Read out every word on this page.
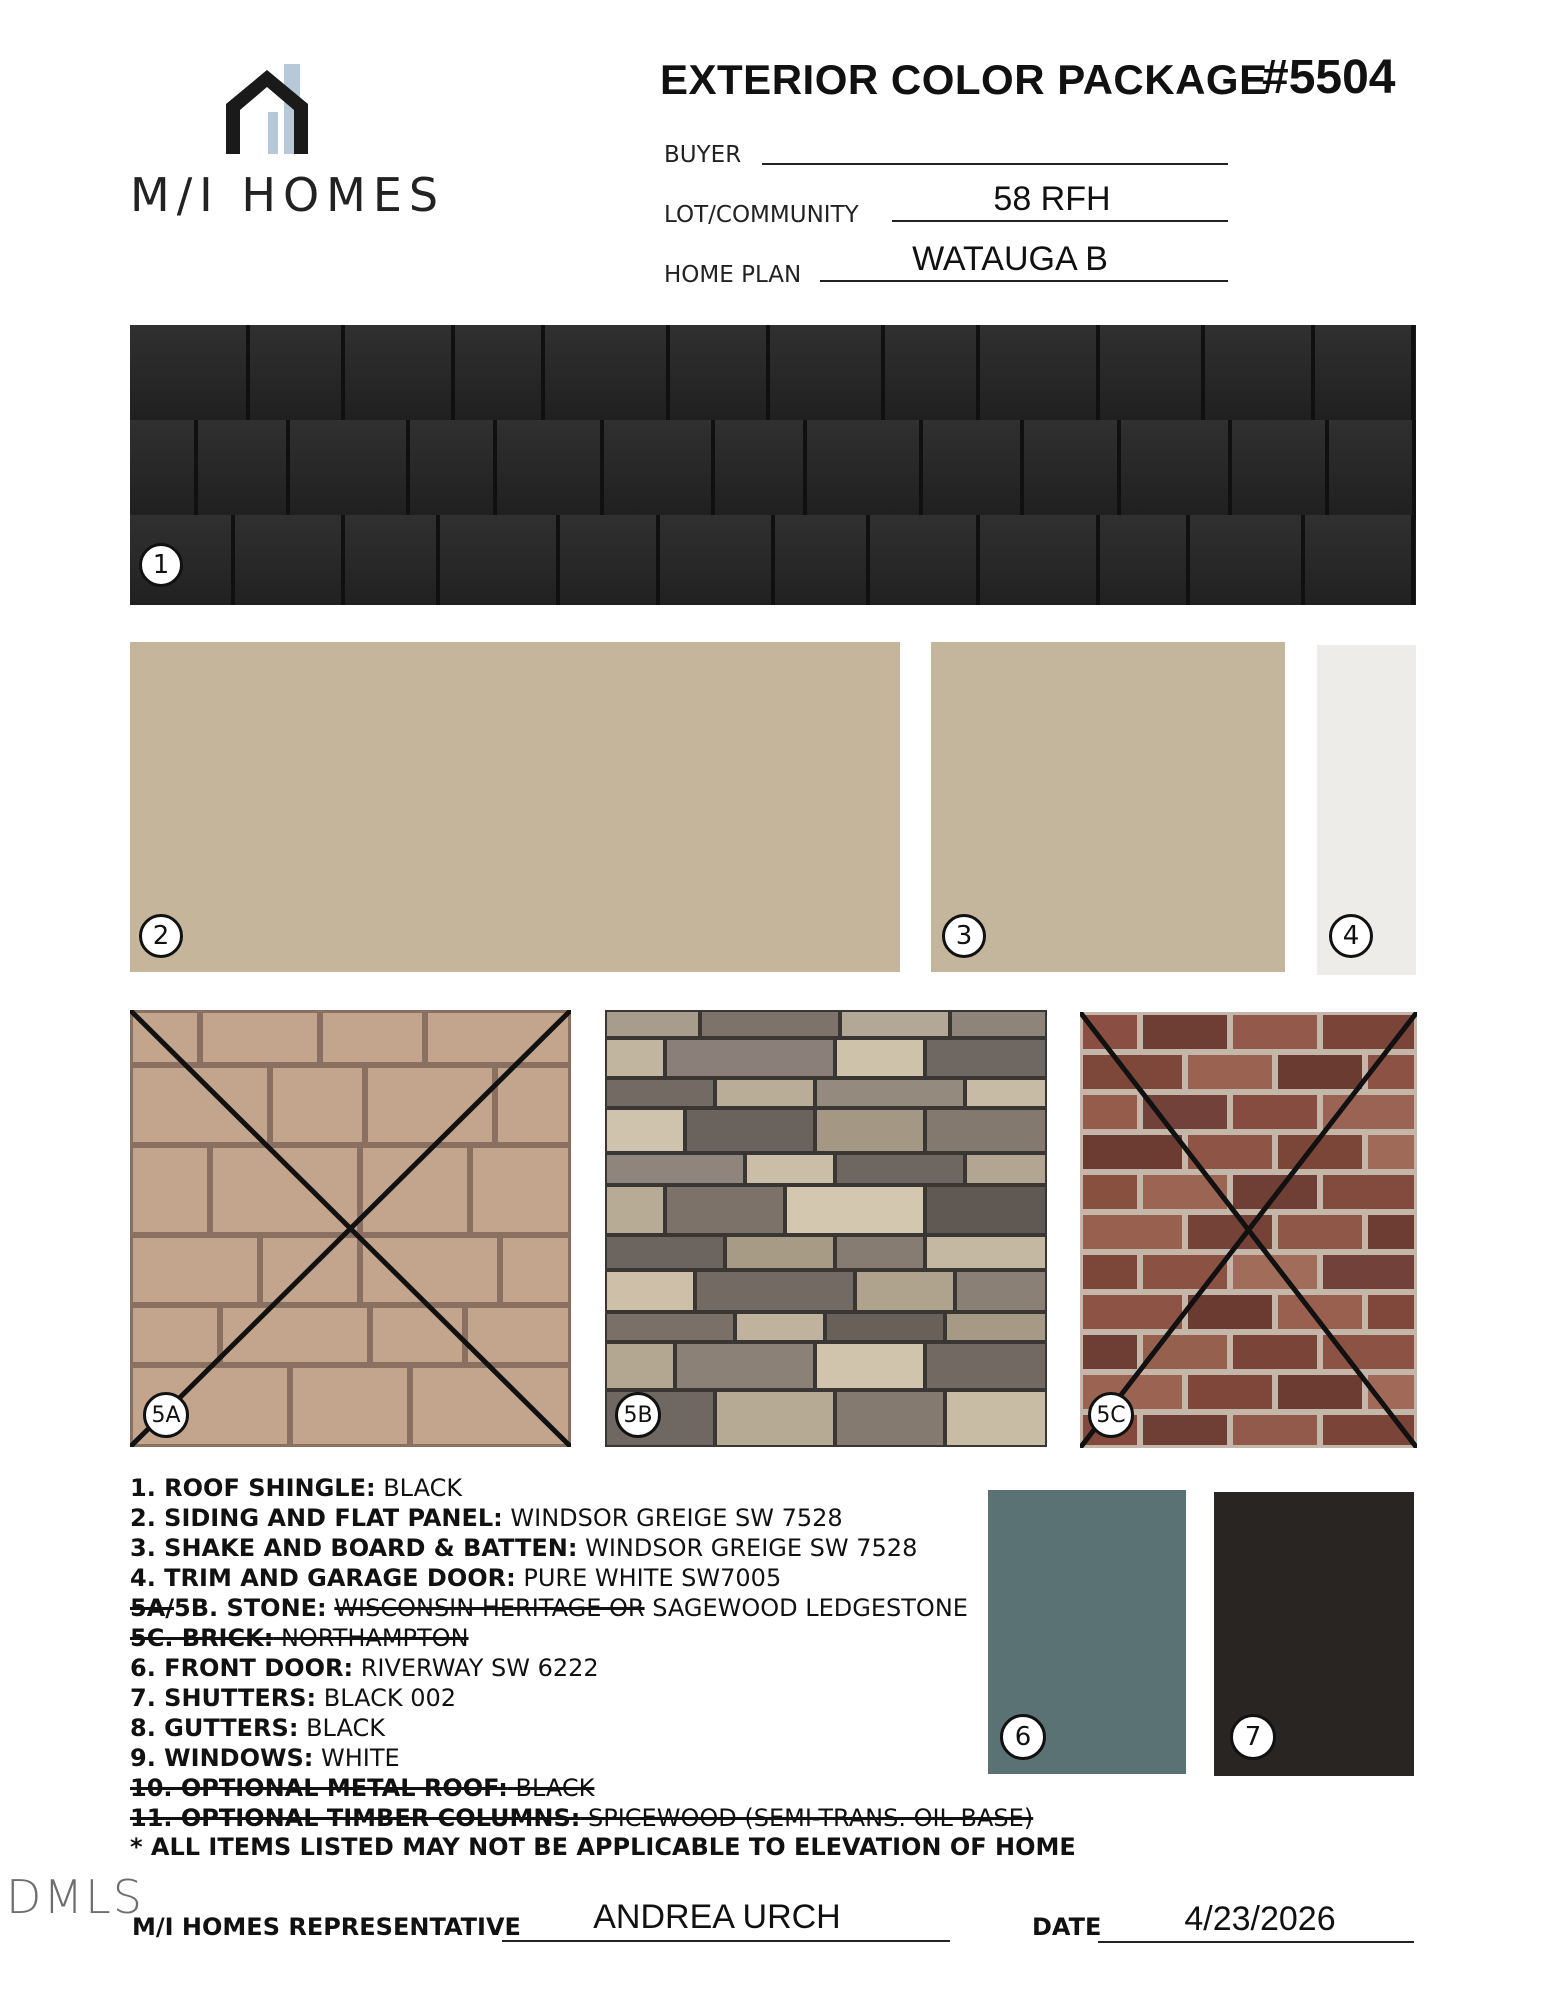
M/I HOMES
EXTERIOR COLOR PACKAGE
#5504
BUYER
LOT/COMMUNITY	58 RFH
HOME PLAN	WATAUGA B
1
2	3	4
5A	5B	5C
1. ROOF SHINGLE: BLACK
2. SIDING AND FLAT PANEL: WINDSOR GREIGE SW 7528
3. SHAKE AND BOARD & BATTEN: WINDSOR GREIGE SW 7528
4. TRIM AND GARAGE DOOR: PURE WHITE SW7005
5A/5B. STONE: WISCONSIN HERITAGE OR SAGEWOOD LEDGESTONE
5C. BRICK: NORTHAMPTON
6. FRONT DOOR: RIVERWAY SW 6222
7. SHUTTERS: BLACK 002
8. GUTTERS: BLACK
9. WINDOWS: WHITE
10. OPTIONAL METAL ROOF: BLACK
11. OPTIONAL TIMBER COLUMNS: SPICEWOOD (SEMI-TRANS. OIL BASE)
* ALL ITEMS LISTED MAY NOT BE APPLICABLE TO ELEVATION OF HOME
6	7
M/I HOMES REPRESENTATIVE	ANDREA URCH	DATE	4/23/2026
DMLS
